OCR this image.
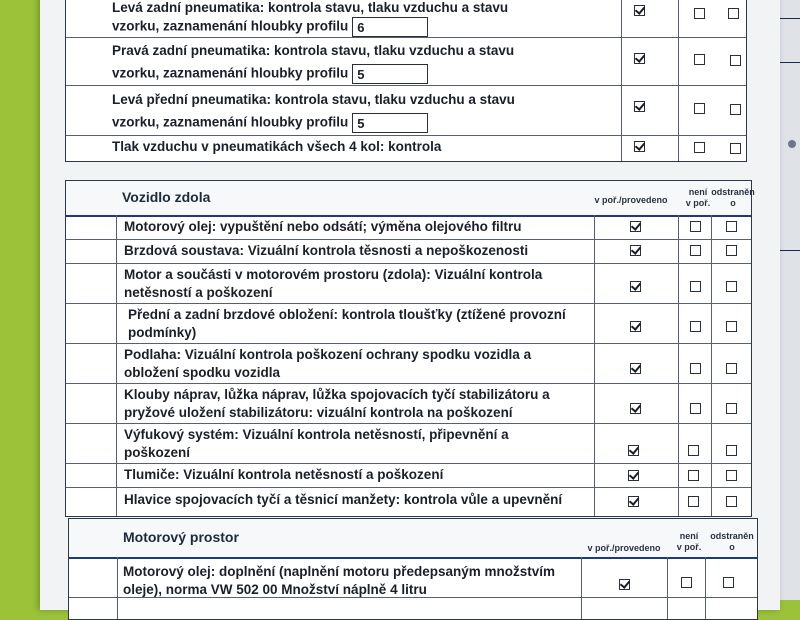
Levá zadní pneumatika: kontrola stavu, tlaku vzduchu a stavu
vzorku, zaznamenání hloubky profilu 6
Pravá zadní pneumatika: kontrola stavu, tlaku vzduchu a stavu
vzorku, zaznamenání hloubky profilu 5
Levá přední pneumatika: kontrola stavu, tlaku vzduchu a stavu
vzorku, zaznamenání hloubky profilu 5
Tlak vzduchu v pneumatikách všech 4 kol: kontrola
Vozidlo zdola	v poř./provedeno
není
v poř.
odstraněn
o
Motorový olej: vypuštění nebo odsátí; výměna olejového filtru
Brzdová soustava: Vizuální kontrola těsnosti a nepoškozenosti
Motor a součásti v motorovém prostoru (zdola): Vizuální kontrola
netěsností a poškození
Přední a zadní brzdové obložení: kontrola tloušťky (ztížené provozní
podmínky)
Podlaha: Vizuální kontrola poškození ochrany spodku vozidla a
obložení spodku vozidla
Klouby náprav, lůžka náprav, lůžka spojovacích tyčí stabilizátoru a
pryžové uložení stabilizátoru: vizuální kontrola na poškození
Výfukový systém: Vizuální kontrola netěsností, připevnění a
poškození
Tlumiče: Vizuální kontrola netěsností a poškození
Hlavice spojovacích tyčí a těsnicí manžety: kontrola vůle a upevnění
Motorový prostor
v poř./provedeno
není
v poř.
odstraněn
o
Motorový olej: doplnění (naplnění motoru předepsaným množstvím
oleje), norma VW 502 00 Množství náplně 4 litru
